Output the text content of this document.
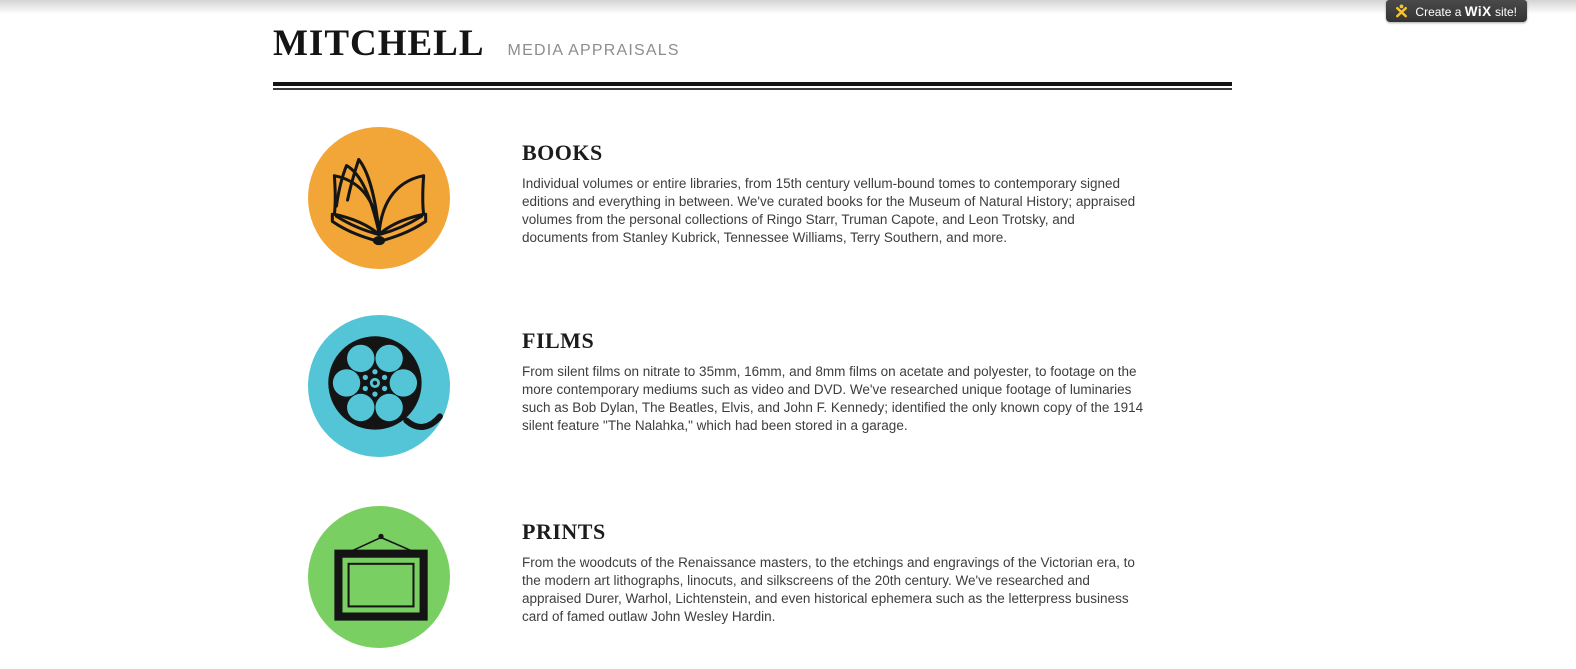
Create a WiX site!
MITCHELL MEDIA APPRAISALS
BOOKS
Individual volumes or entire libraries, from 15th century vellum-bound tomes to contemporary signed editions and everything in between. We've curated books for the Museum of Natural History; appraised volumes from the personal collections of Ringo Starr, Truman Capote, and Leon Trotsky, and documents from Stanley Kubrick, Tennessee Williams, Terry Southern, and more.
FILMS
From silent films on nitrate to 35mm, 16mm, and 8mm films on acetate and polyester, to footage on the more contemporary mediums such as video and DVD. We've researched unique footage of luminaries such as Bob Dylan, The Beatles, Elvis, and John F. Kennedy; identified the only known copy of the 1914 silent feature "The Nalahka," which had been stored in a garage.
PRINTS
From the woodcuts of the Renaissance masters, to the etchings and engravings of the Victorian era, to the modern art lithographs, linocuts, and silkscreens of the 20th century. We've researched and appraised Durer, Warhol, Lichtenstein, and even historical ephemera such as the letterpress business card of famed outlaw John Wesley Hardin.
